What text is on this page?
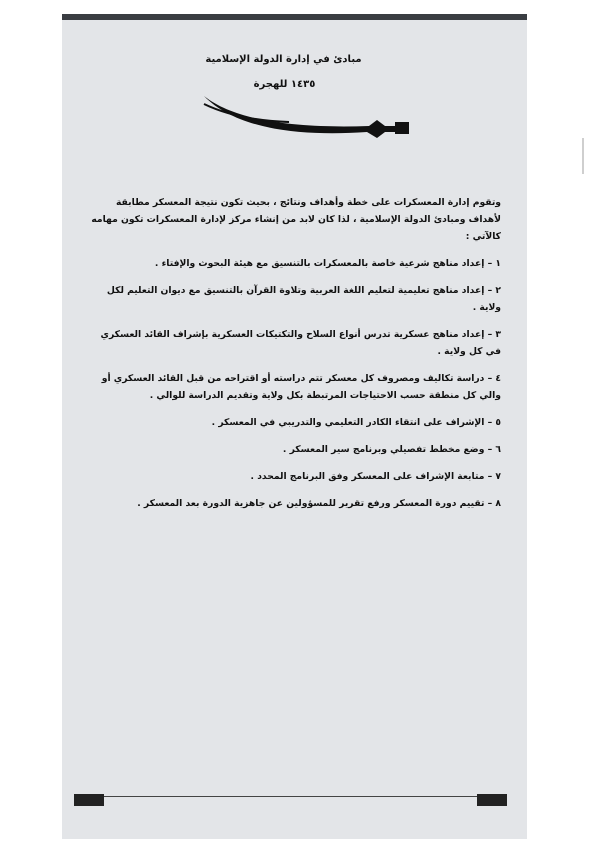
مبادئ في إدارة الدولة الإسلامية
١٤٣٥ للهجرة

وتقوم إدارة المعسكرات على خطة وأهداف ونتائج ، بحيث تكون نتيجة المعسكر مطابقة لأهداف ومبادئ الدولة الإسلامية ، لذا كان لابد من إنشاء مركز لإدارة المعسكرات تكون مهامه كالآتي :

١ – إعداد مناهج شرعية خاصة بالمعسكرات بالتنسيق مع هيئة البحوث والإفتاء .

٢ – إعداد مناهج تعليمية لتعليم اللغة العربية وتلاوة القرآن بالتنسيق مع ديوان التعليم لكل ولاية .

٣ – إعداد مناهج عسكرية تدرس أنواع السلاح والتكتيكات العسكرية بإشراف القائد العسكري في كل ولاية .

٤ – دراسة تكاليف ومصروف كل معسكر تتم دراسته أو اقتراحه من قبل القائد العسكري أو والي كل منطقة حسب الاحتياجات المرتبطة بكل ولاية وتقديم الدراسة للوالي .

٥ – الإشراف على انتقاء الكادر التعليمي والتدريبي في المعسكر .

٦ – وضع مخطط تفصيلي وبرنامج سير المعسكر .

٧ – متابعة الإشراف على المعسكر وفق البرنامج المحدد .

٨ – تقييم دورة المعسكر ورفع تقرير للمسؤولين عن جاهزية الدورة بعد المعسكر .
